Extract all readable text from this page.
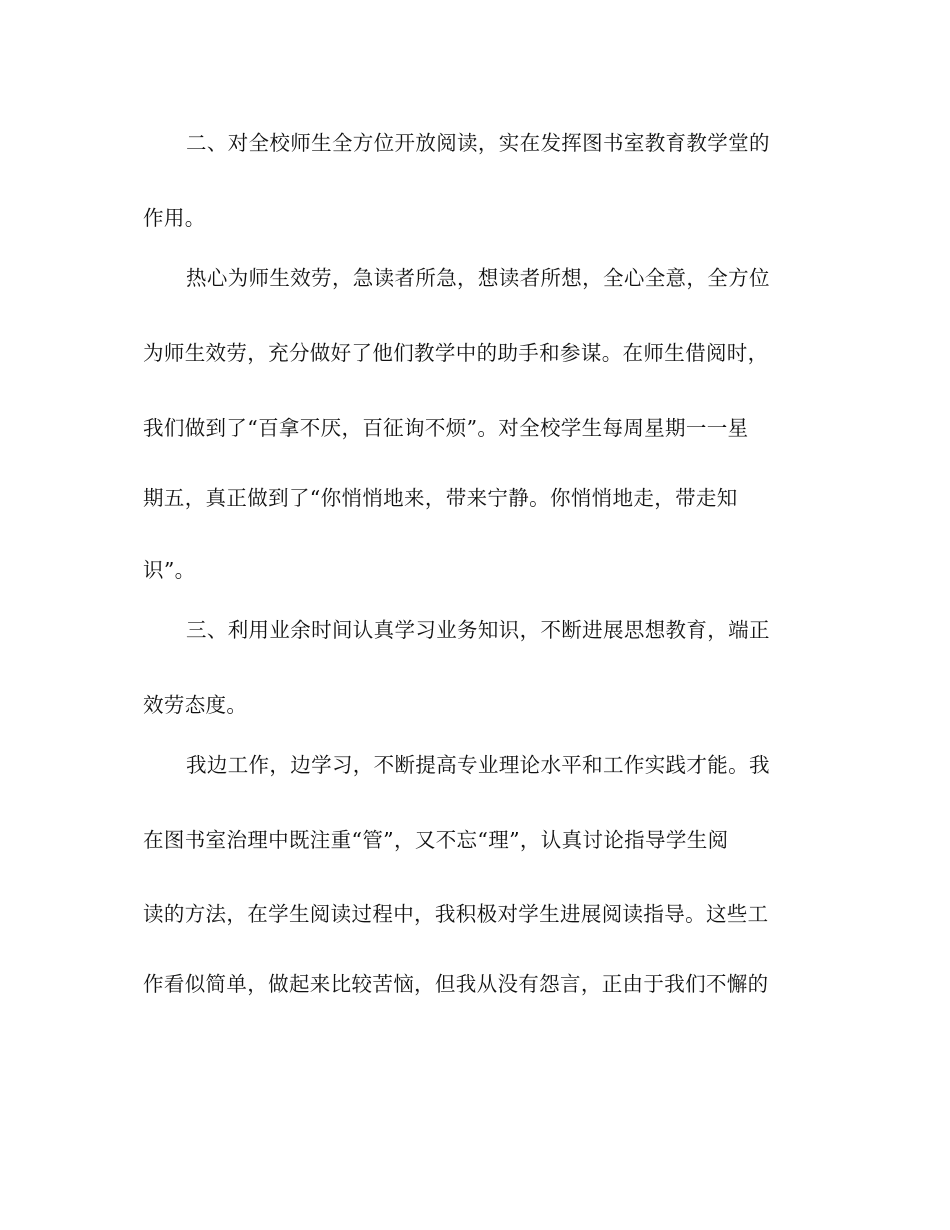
二、对全校师生全方位开放阅读，实在发挥图书室教育教学堂的
作用。
热心为师生效劳，急读者所急，想读者所想，全心全意，全方位
为师生效劳，充分做好了他们教学中的助手和参谋。在师生借阅时，
我们做到了“百拿不厌，百征询不烦”。对全校学生每周星期一一星
期五，真正做到了“你悄悄地来，带来宁静。你悄悄地走，带走知
识”。
三、利用业余时间认真学习业务知识，不断进展思想教育，端正
效劳态度。
我边工作，边学习，不断提高专业理论水平和工作实践才能。我
在图书室治理中既注重“管”，又不忘“理”，认真讨论指导学生阅
读的方法，在学生阅读过程中，我积极对学生进展阅读指导。这些工
作看似简单，做起来比较苦恼，但我从没有怨言，正由于我们不懈的
